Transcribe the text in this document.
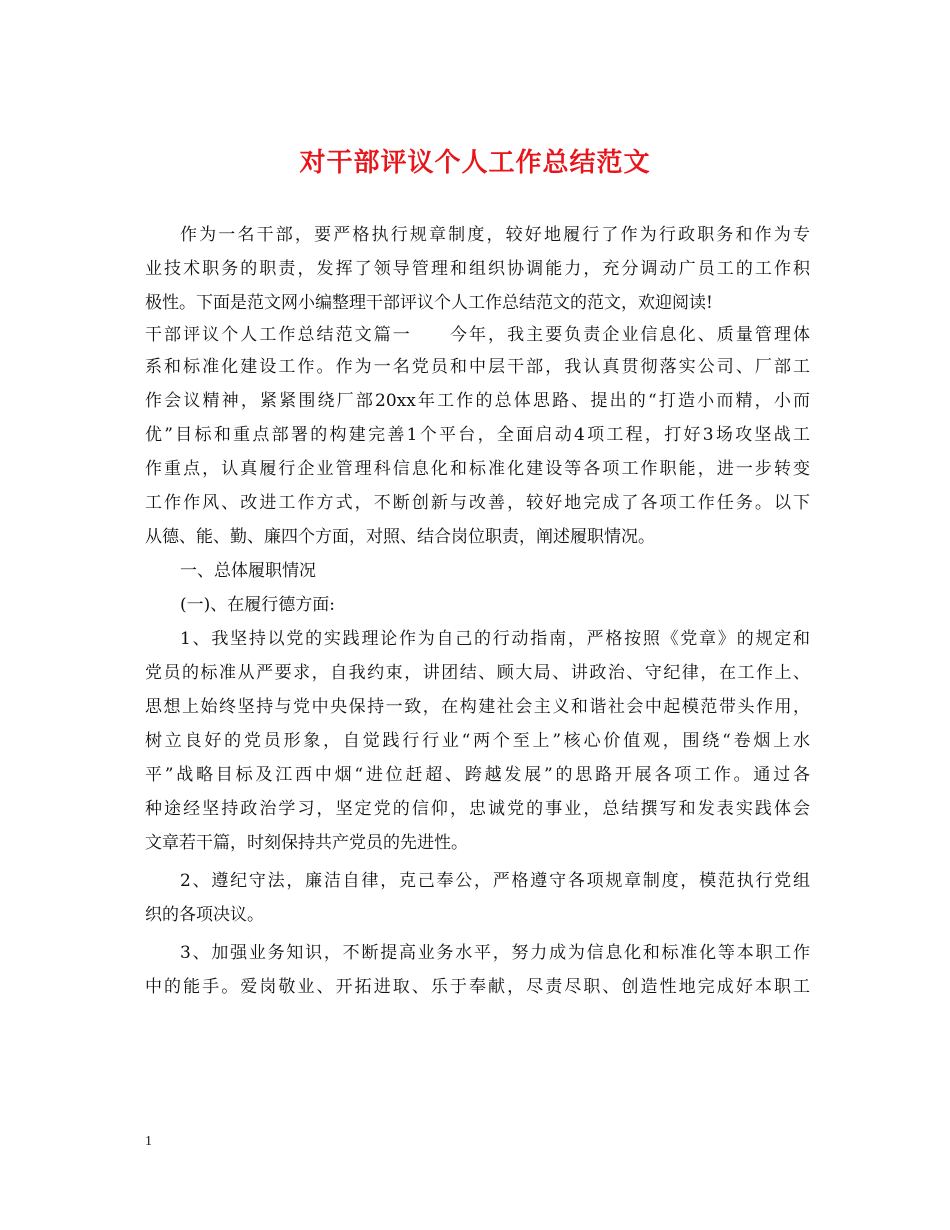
对干部评议个人工作总结范文
作为一名干部，要严格执行规章制度，较好地履行了作为行政职务和作为专
业技术职务的职责，发挥了领导管理和组织协调能力，充分调动广员工的工作积
极性。下面是范文网小编整理干部评议个人工作总结范文的范文，欢迎阅读!
干部评议个人工作总结范文篇一　　今年，我主要负责企业信息化、质量管理体
系和标准化建设工作。作为一名党员和中层干部，我认真贯彻落实公司、厂部工
作会议精神，紧紧围绕厂部20xx年工作的总体思路、提出的“打造小而精，小而
优”目标和重点部署的构建完善1个平台，全面启动4项工程，打好3场攻坚战工
作重点，认真履行企业管理科信息化和标准化建设等各项工作职能，进一步转变
工作作风、改进工作方式，不断创新与改善，较好地完成了各项工作任务。以下
从德、能、勤、廉四个方面，对照、结合岗位职责，阐述履职情况。
一、总体履职情况
(一)、在履行德方面:
1、我坚持以党的实践理论作为自己的行动指南，严格按照《党章》的规定和
党员的标准从严要求，自我约束，讲团结、顾大局、讲政治、守纪律，在工作上、
思想上始终坚持与党中央保持一致，在构建社会主义和谐社会中起模范带头作用，
树立良好的党员形象，自觉践行行业“两个至上”核心价值观，围绕“卷烟上水
平”战略目标及江西中烟“进位赶超、跨越发展”的思路开展各项工作。通过各
种途经坚持政治学习，坚定党的信仰，忠诚党的事业，总结撰写和发表实践体会
文章若干篇，时刻保持共产党员的先进性。
2、遵纪守法，廉洁自律，克己奉公，严格遵守各项规章制度，模范执行党组
织的各项决议。
3、加强业务知识，不断提高业务水平，努力成为信息化和标准化等本职工作
中的能手。爱岗敬业、开拓进取、乐于奉献，尽责尽职、创造性地完成好本职工
1
